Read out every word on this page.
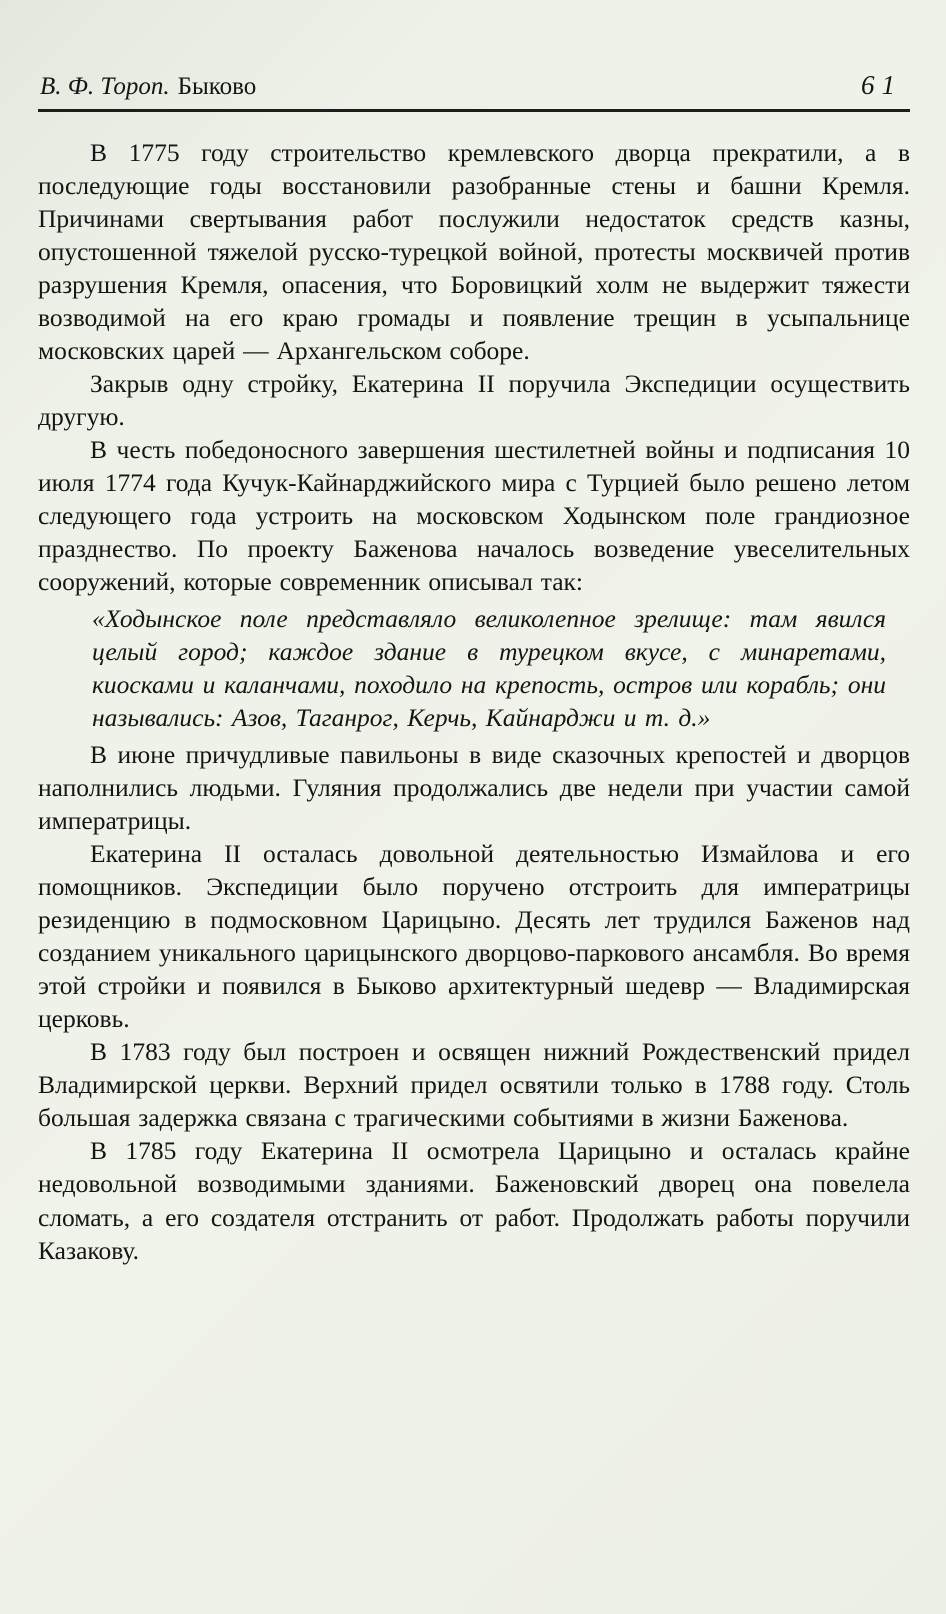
В. Ф. Тороп. Быково	61

В 1775 году строительство кремлевского дворца прекратили, а в последующие годы восстановили разобранные стены и башни Кремля. Причинами свертывания работ послужили недостаток средств казны, опустошенной тяжелой русско-турецкой войной, протесты москвичей против разрушения Кремля, опасения, что Боровицкий холм не выдержит тяжести возводимой на его краю громады и появление трещин в усыпальнице московских царей — Архангельском соборе.

Закрыв одну стройку, Екатерина II поручила Экспедиции осуществить другую.

В честь победоносного завершения шестилетней войны и подписания 10 июля 1774 года Кучук-Кайнарджийского мира с Турцией было решено летом следующего года устроить на московском Ходынском поле грандиозное празднество. По проекту Баженова началось возведение увеселительных сооружений, которые современник описывал так:

«Ходынское поле представляло великолепное зрелище: там явился целый город; каждое здание в турецком вкусе, с минаретами, киосками и каланчами, походило на крепость, остров или корабль; они назывались: Азов, Таганрог, Керчь, Кайнарджи и т. д.»

В июне причудливые павильоны в виде сказочных крепостей и дворцов наполнились людьми. Гуляния продолжались две недели при участии самой императрицы.

Екатерина II осталась довольной деятельностью Измайлова и его помощников. Экспедиции было поручено отстроить для императрицы резиденцию в подмосковном Царицыно. Десять лет трудился Баженов над созданием уникального царицынского дворцово-паркового ансамбля. Во время этой стройки и появился в Быково архитектурный шедевр — Владимирская церковь.

В 1783 году был построен и освящен нижний Рождественский придел Владимирской церкви. Верхний придел освятили только в 1788 году. Столь большая задержка связана с трагическими событиями в жизни Баженова.

В 1785 году Екатерина II осмотрела Царицыно и осталась крайне недовольной возводимыми зданиями. Баженовский дворец она повелела сломать, а его создателя отстранить от работ. Продолжать работы поручили Казакову.
